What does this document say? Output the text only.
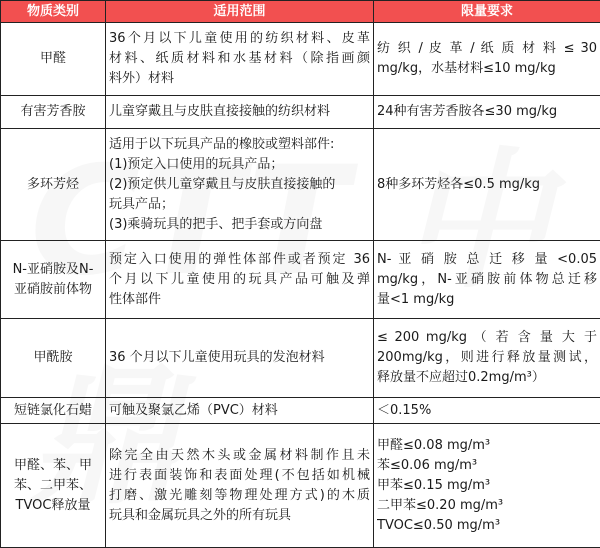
物质类别	适用范围	限量要求

甲醛	36个月以下儿童使用的纺织材料、皮革
材料、纸质材料和水基材料（除指画颜
料外）材料	纺 织 / 皮 革 / 纸 质 材 料 ≤ 30
mg/kg，水基材料≤10 mg/kg

有害芳香胺	儿童穿戴且与皮肤直接接触的纺织材料	24种有害芳香胺各≤30 mg/kg

多环芳烃	适用于以下玩具产品的橡胶或塑料部件:
(1)预定入口使用的玩具产品；
(2)预定供儿童穿戴且与皮肤直接接触的
玩具产品；
(3)乘骑玩具的把手、把手套或方向盘	8种多环芳烃各≤0.5 mg/kg

N-亚硝胺及N-
亚硝胺前体物	预定入口使用的弹性体部件或者预定 36
个月以下儿童使用的玩具产品可触及弹
性体部件	N- 亚 硝 胺 总 迁 移 量 <0.05
mg/kg，N-亚硝胺前体物总迁移
量<1 mg/kg

甲酰胺	36 个月以下儿童使用玩具的发泡材料	≤ 200 mg/kg （ 若 含 量 大 于
200mg/kg，则进行释放量测试，
释放量不应超过0.2mg/m³）

短链氯化石蜡	可触及聚氯乙烯（PVC）材料	＜0.15%

甲醛、苯、甲
苯、二甲苯、
TVOC释放量	除完全由天然木头或金属材料制作且未
进行表面装饰和表面处理(不包括如机械
打磨、激光雕刻等物理处理方式)的木质
玩具和金属玩具之外的所有玩具	甲醛≤0.08 mg/m³
苯≤0.06 mg/m³
甲苯≤0.15 mg/m³
二甲苯≤0.20 mg/m³
TVOC≤0.50 mg/m³
